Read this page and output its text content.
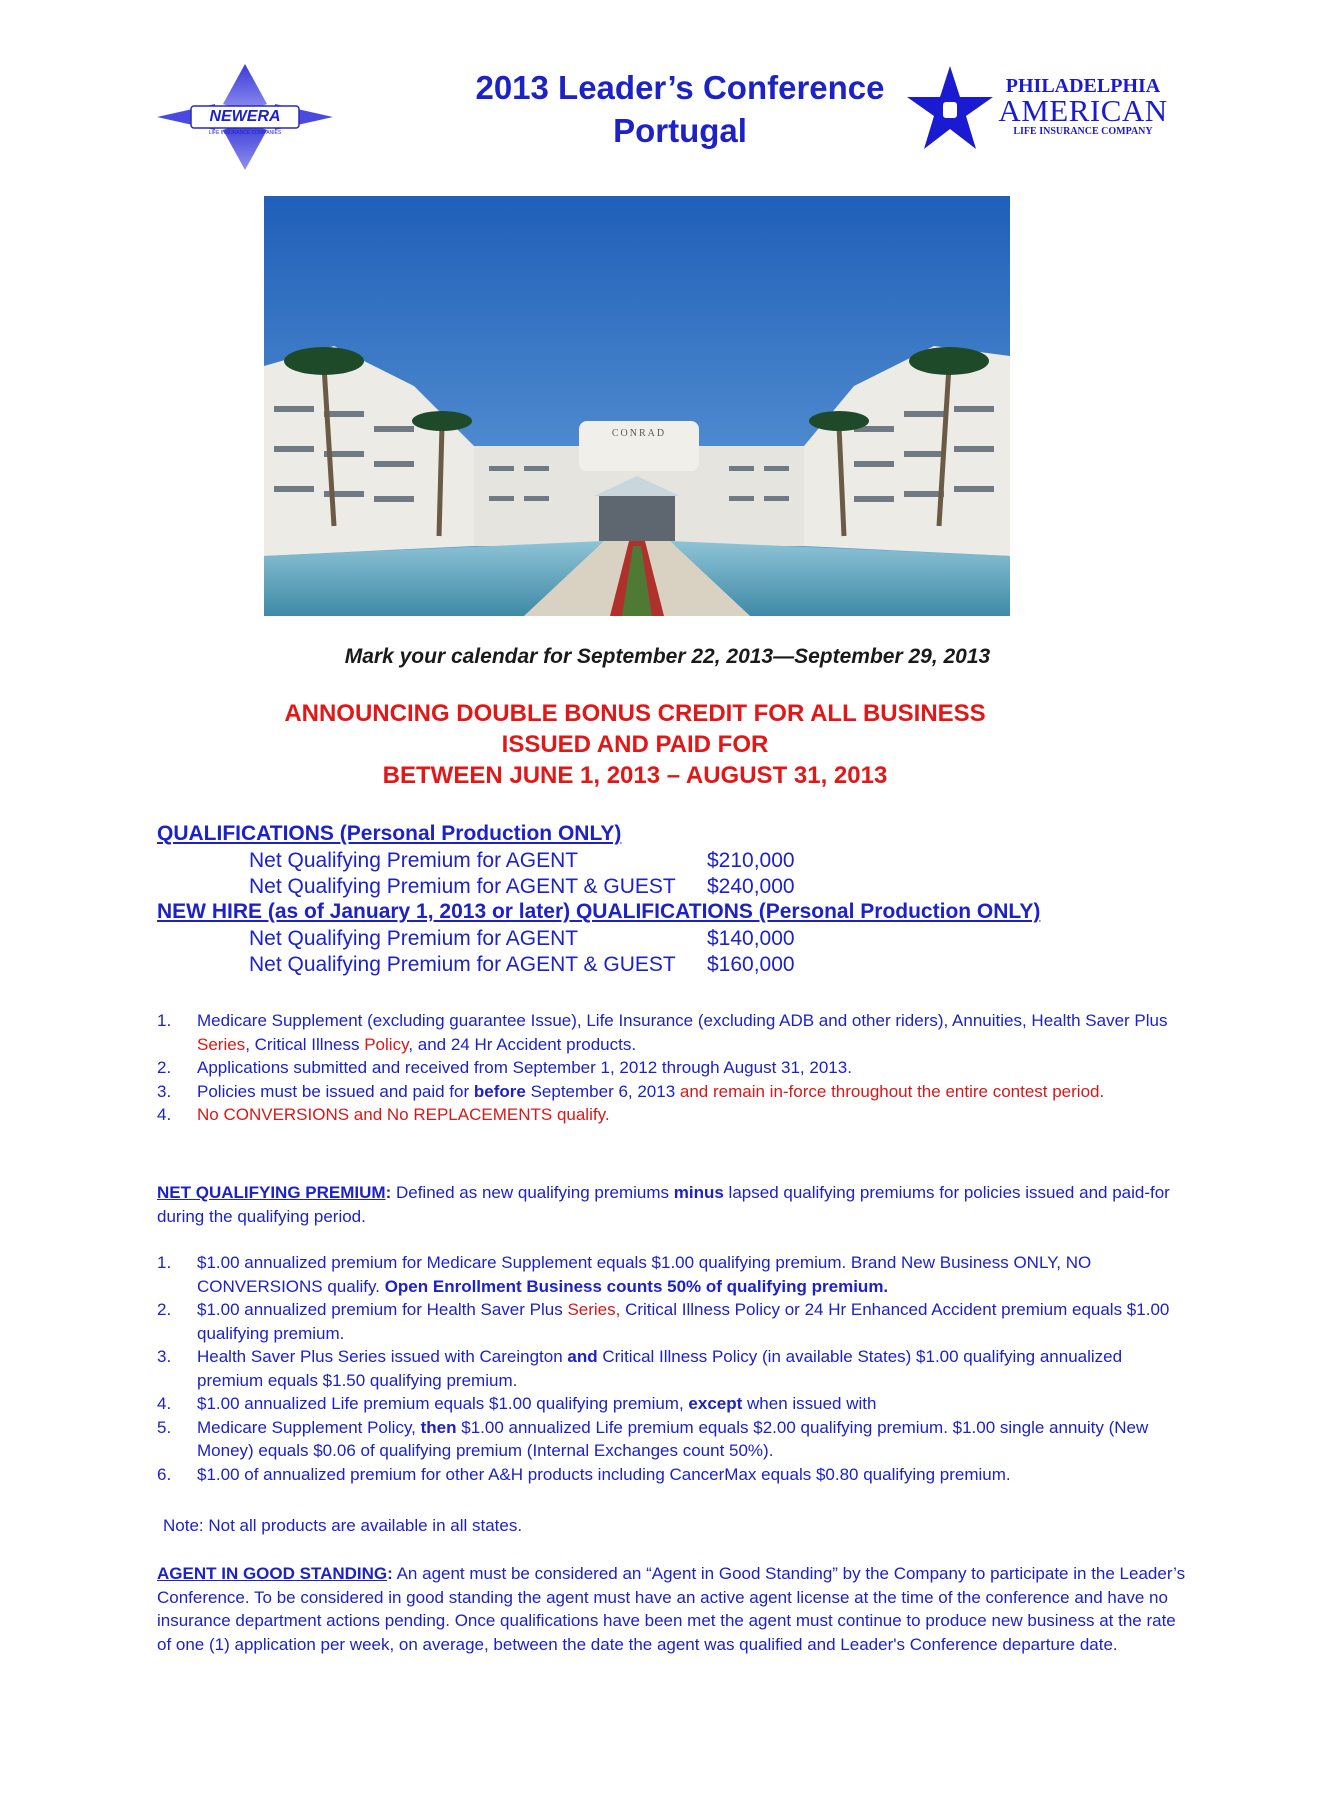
NEWERA
LIFE INSURANCE COMPANIES
2013 Leader’s Conference
Portugal
PHILADELPHIA
AMERICAN
LIFE INSURANCE COMPANY
CONRAD
Mark your calendar for September 22, 2013—September 29, 2013
ANNOUNCING DOUBLE BONUS CREDIT FOR ALL BUSINESS
ISSUED AND PAID FOR
BETWEEN JUNE 1, 2013 – AUGUST 31, 2013
QUALIFICATIONS (Personal Production ONLY)
Net Qualifying Premium for AGENT	$210,000
Net Qualifying Premium for AGENT & GUEST $240,000
NEW HIRE (as of January 1, 2013 or later) QUALIFICATIONS (Personal Production ONLY)
Net Qualifying Premium for AGENT	$140,000
Net Qualifying Premium for AGENT & GUEST $160,000
1. Medicare Supplement (excluding guarantee Issue), Life Insurance (excluding ADB and other riders), Annuities, Health Saver Plus Series, Critical Illness Policy, and 24 Hr Accident products.
2. Applications submitted and received from September 1, 2012 through August 31, 2013.
3. Policies must be issued and paid for before September 6, 2013 and remain in-force throughout the entire contest period.
4. No CONVERSIONS and No REPLACEMENTS qualify.
NET QUALIFYING PREMIUM: Defined as new qualifying premiums minus lapsed qualifying premiums for policies issued and paid-for during the qualifying period.
1. $1.00 annualized premium for Medicare Supplement equals $1.00 qualifying premium. Brand New Business ONLY, NO CONVERSIONS qualify. Open Enrollment Business counts 50% of qualifying premium.
2. $1.00 annualized premium for Health Saver Plus Series, Critical Illness Policy or 24 Hr Enhanced Accident premium equals $1.00 qualifying premium.
3. Health Saver Plus Series issued with Careington and Critical Illness Policy (in available States) $1.00 qualifying annualized premium equals $1.50 qualifying premium.
4. $1.00 annualized Life premium equals $1.00 qualifying premium, except when issued with
5. Medicare Supplement Policy, then $1.00 annualized Life premium equals $2.00 qualifying premium. $1.00 single annuity (New Money) equals $0.06 of qualifying premium (Internal Exchanges count 50%).
6. $1.00 of annualized premium for other A&H products including CancerMax equals $0.80 qualifying premium.
Note: Not all products are available in all states.
AGENT IN GOOD STANDING: An agent must be considered an “Agent in Good Standing” by the Company to participate in the Leader’s Conference. To be considered in good standing the agent must have an active agent license at the time of the conference and have no insurance department actions pending. Once qualifications have been met the agent must continue to produce new business at the rate of one (1) application per week, on average, between the date the agent was qualified and Leader's Conference departure date.
